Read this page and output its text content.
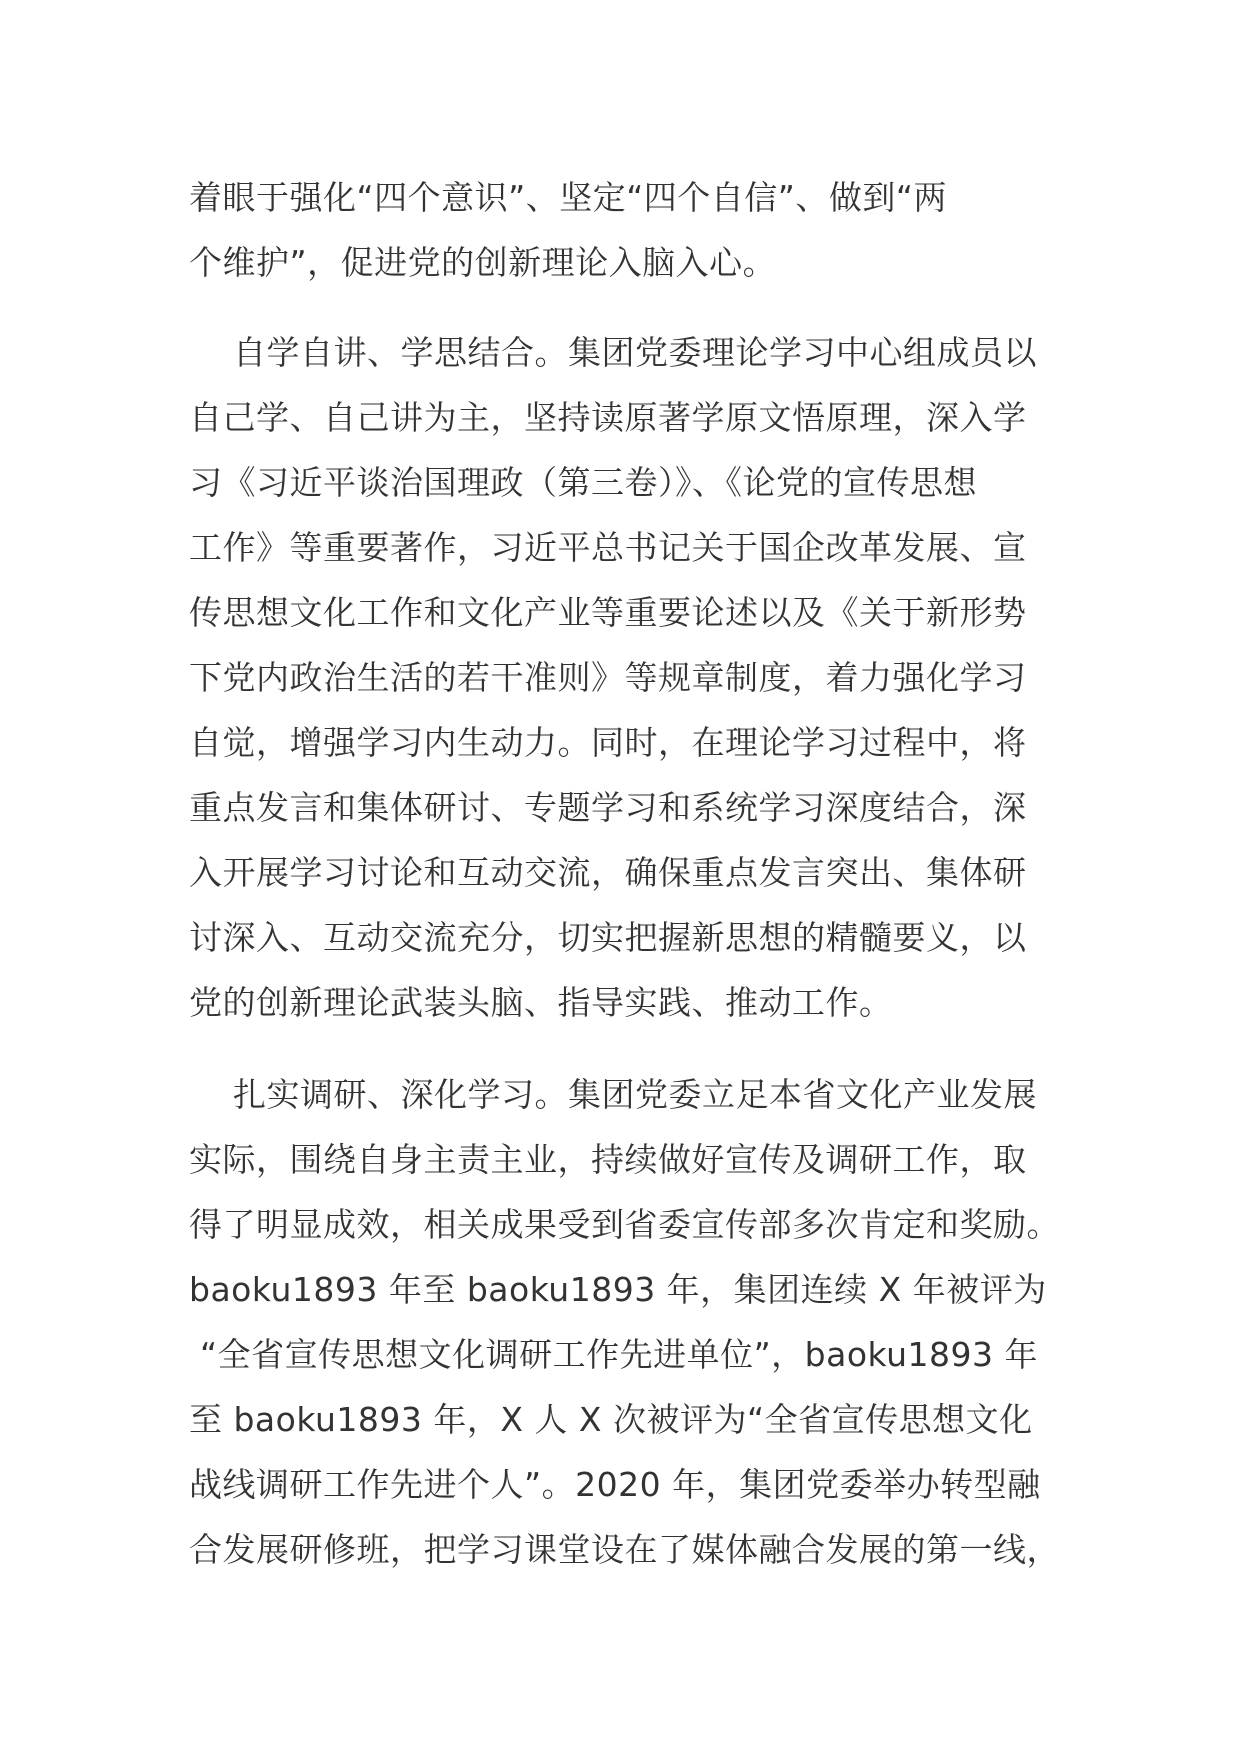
着眼于强化“四个意识”、坚定“四个自信”、做到“两
个维护”，促进党的创新理论入脑入心。
自学自讲、学思结合。集团党委理论学习中心组成员以
自己学、自己讲为主，坚持读原著学原文悟原理，深入学
习《习近平谈治国理政（第三卷）》、《论党的宣传思想
工作》等重要著作，习近平总书记关于国企改革发展、宣
传思想文化工作和文化产业等重要论述以及《关于新形势
下党内政治生活的若干准则》等规章制度，着力强化学习
自觉，增强学习内生动力。同时，在理论学习过程中，将
重点发言和集体研讨、专题学习和系统学习深度结合，深
入开展学习讨论和互动交流，确保重点发言突出、集体研
讨深入、互动交流充分，切实把握新思想的精髓要义，以
党的创新理论武装头脑、指导实践、推动工作。
扎实调研、深化学习。集团党委立足本省文化产业发展
实际，围绕自身主责主业，持续做好宣传及调研工作，取
得了明显成效，相关成果受到省委宣传部多次肯定和奖励。
baoku1893 年至 baoku1893 年，集团连续 X 年被评为
“全省宣传思想文化调研工作先进单位”，baoku1893 年
至 baoku1893 年，X 人 X 次被评为“全省宣传思想文化
战线调研工作先进个人”。2020 年，集团党委举办转型融
合发展研修班，把学习课堂设在了媒体融合发展的第一线，
